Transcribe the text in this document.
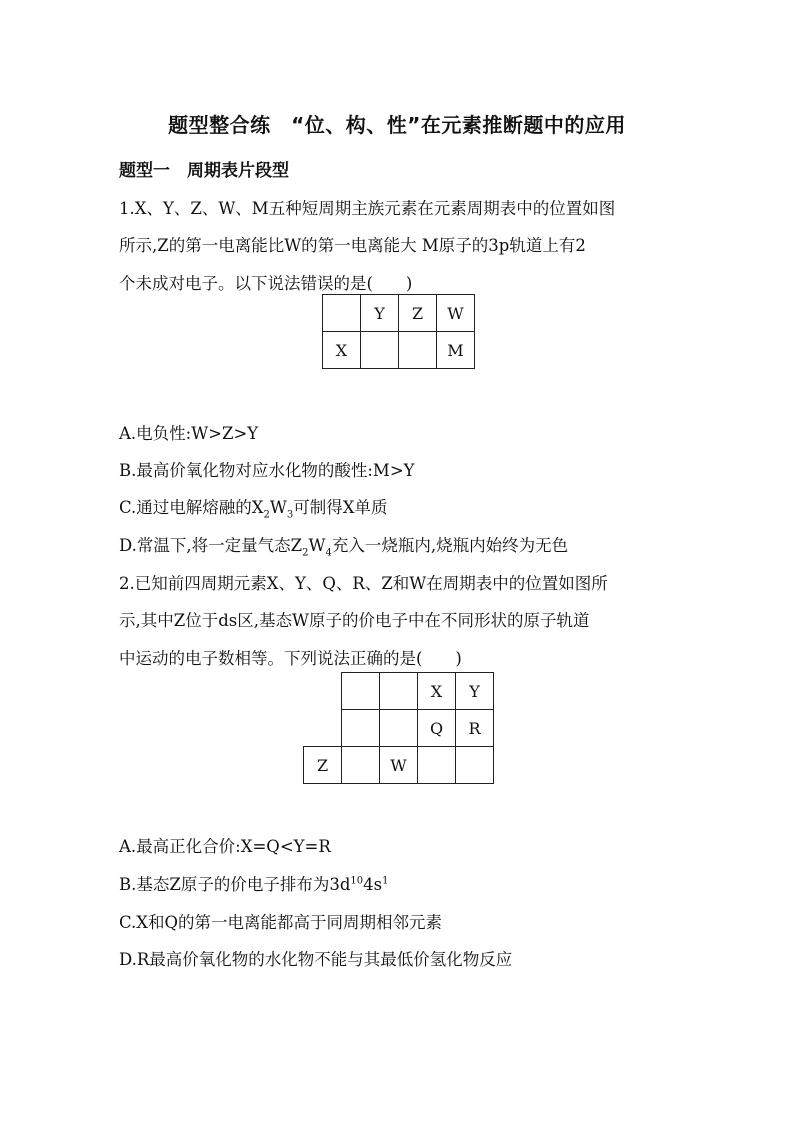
题型整合练　“位、构、性”在元素推断题中的应用
题型一　周期表片段型
1.X、Y、Z、W、M五种短周期主族元素在元素周期表中的位置如图
所示,Z的第一电离能比W的第一电离能大 M原子的3p轨道上有2
个未成对电子。以下说法错误的是(　　)
	Y	Z	W
X			M
A.电负性:W>Z>Y
B.最高价氧化物对应水化物的酸性:M>Y
C.通过电解熔融的$X_2W_3$可制得X单质
D.常温下,将一定量气态$Z_2W_4$充入一烧瓶内,烧瓶内始终为无色
2.已知前四周期元素X、Y、Q、R、Z和W在周期表中的位置如图所
示,其中Z位于ds区,基态W原子的价电子中在不同形状的原子轨道
中运动的电子数相等。下列说法正确的是(　　)
			X	Y
			Q	R
Z		W		
A.最高正化合价:X=Q<Y=R
B.基态Z原子的价电子排布为$3d^{10}4s^1$
C.X和Q的第一电离能都高于同周期相邻元素
D.R最高价氧化物的水化物不能与其最低价氢化物反应
